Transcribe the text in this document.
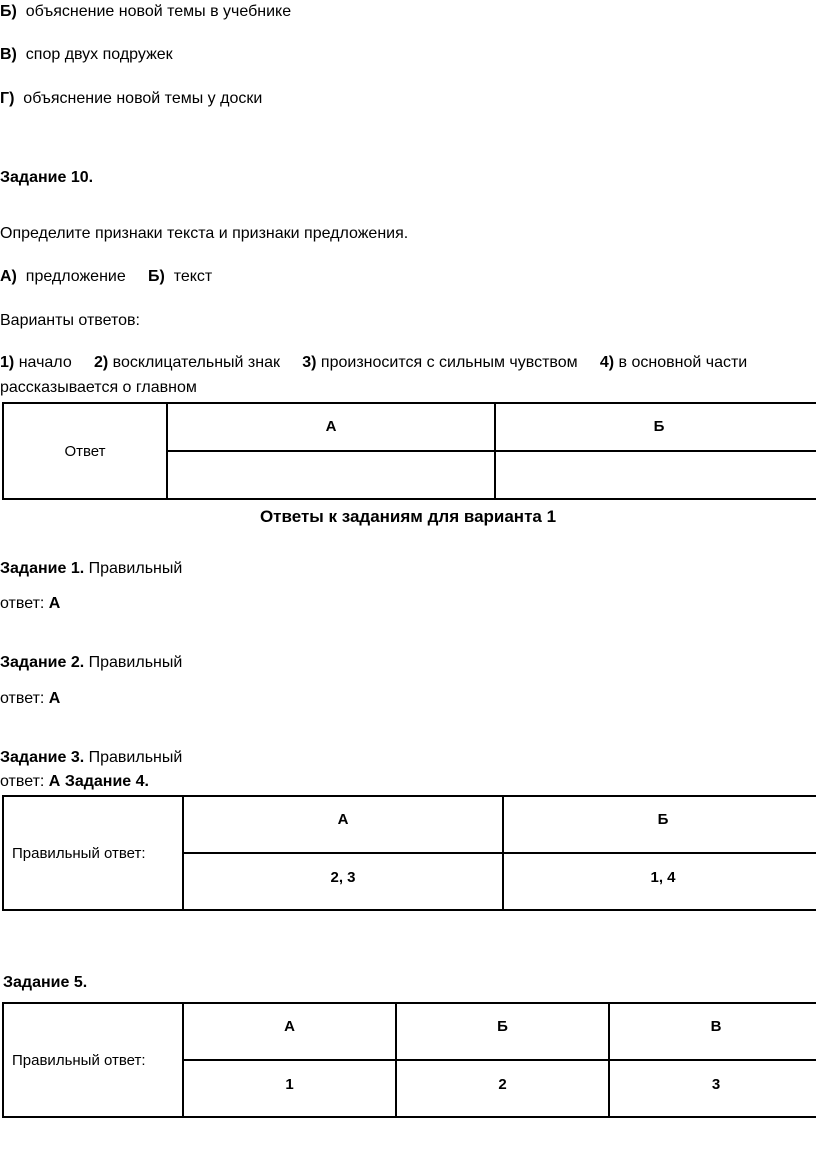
Б) объяснение новой темы в учебнике
В) спор двух подружек
Г) объяснение новой темы у доски
Задание 10.
Определите признаки текста и признаки предложения.
А) предложение Б) текст
Варианты ответов:
1) начало 2) восклицательный знак 3) произносится с сильным чувством 4) в основной части
рассказывается о главном
Ответ	А	Б

Ответы к заданиям для варианта 1
Задание 1. Правильный
ответ: А
Задание 2. Правильный
ответ: А
Задание 3. Правильный
ответ: А Задание 4.
Правильный ответ:	А	Б
	2, 3	1, 4
Задание 5.
Правильный ответ:	А	Б	В
	1	2	3
